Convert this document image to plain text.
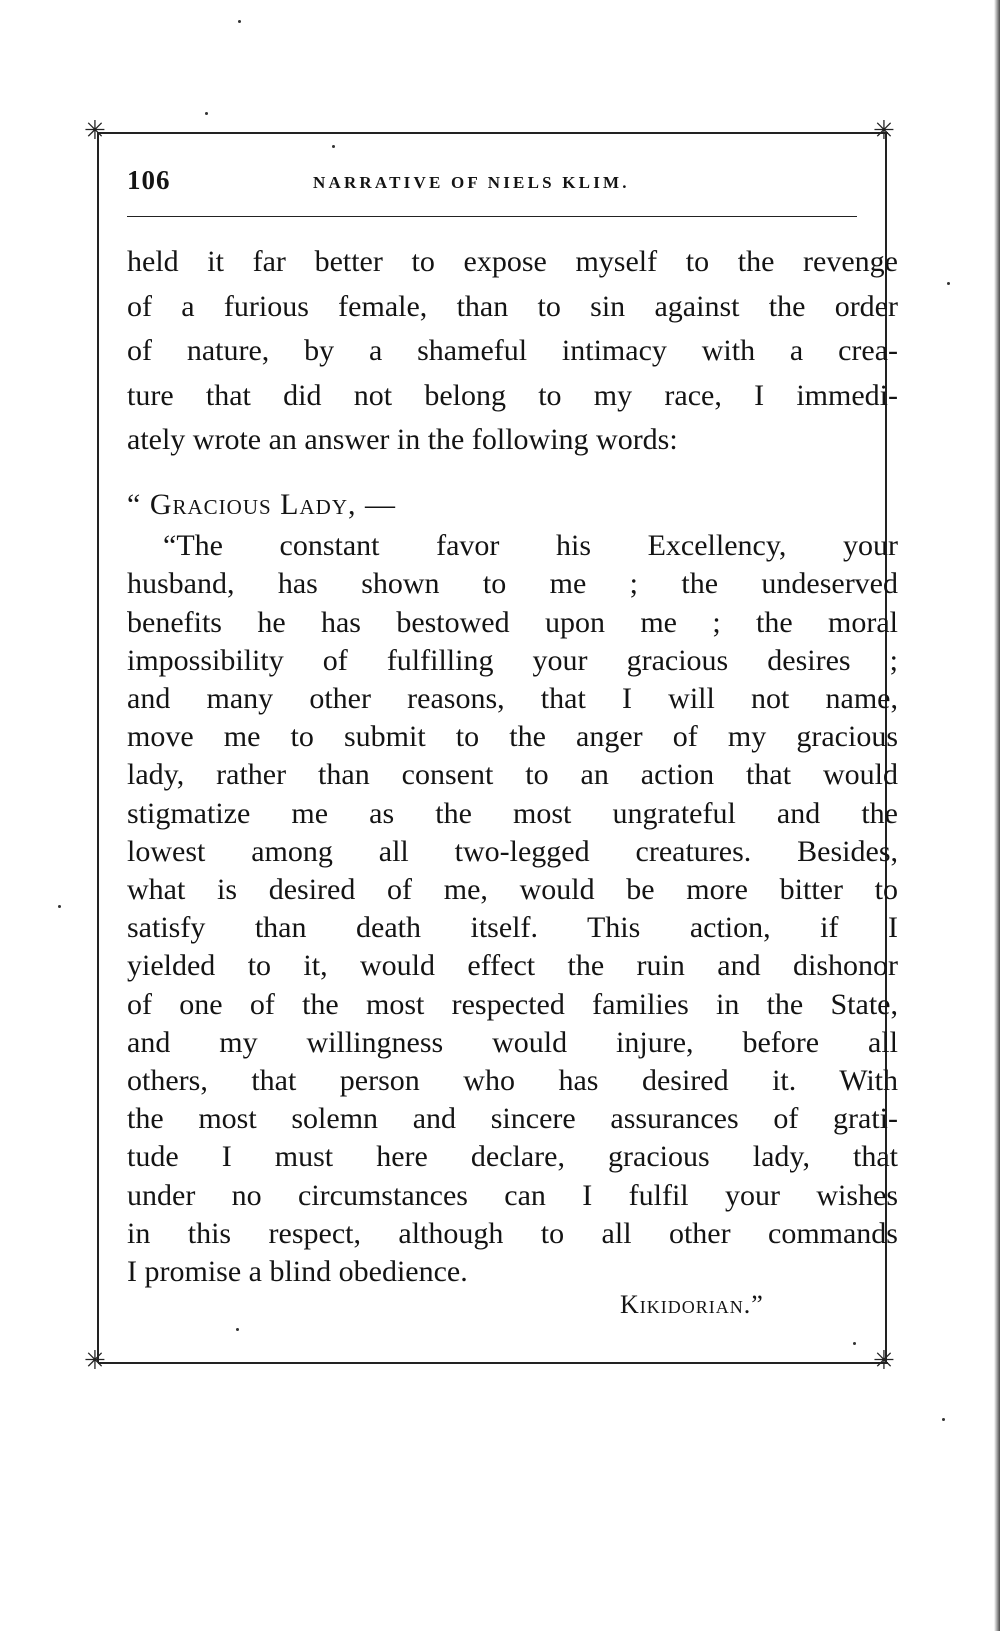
✳	✳
✳	✳
106	NARRATIVE OF NIELS KLIM.
held it far better to expose myself to the revenge
of a furious female, than to sin against the order
of nature, by a shameful intimacy with a crea-
ture that did not belong to my race, I immedi-
ately wrote an answer in the following words:
“ Gracious Lady, —
“The constant favor his Excellency, your
husband, has shown to me ; the undeserved
benefits he has bestowed upon me ; the moral
impossibility of fulfilling your gracious desires ;
and many other reasons, that I will not name,
move me to submit to the anger of my gracious
lady, rather than consent to an action that would
stigmatize me as the most ungrateful and the
lowest among all two-legged creatures. Besides,
what is desired of me, would be more bitter to
satisfy than death itself. This action, if I
yielded to it, would effect the ruin and dishonor
of one of the most respected families in the State,
and my willingness would injure, before all
others, that person who has desired it. With
the most solemn and sincere assurances of grati-
tude I must here declare, gracious lady, that
under no circumstances can I fulfil your wishes
in this respect, although to all other commands
I promise a blind obedience.
Kikidorian.”
